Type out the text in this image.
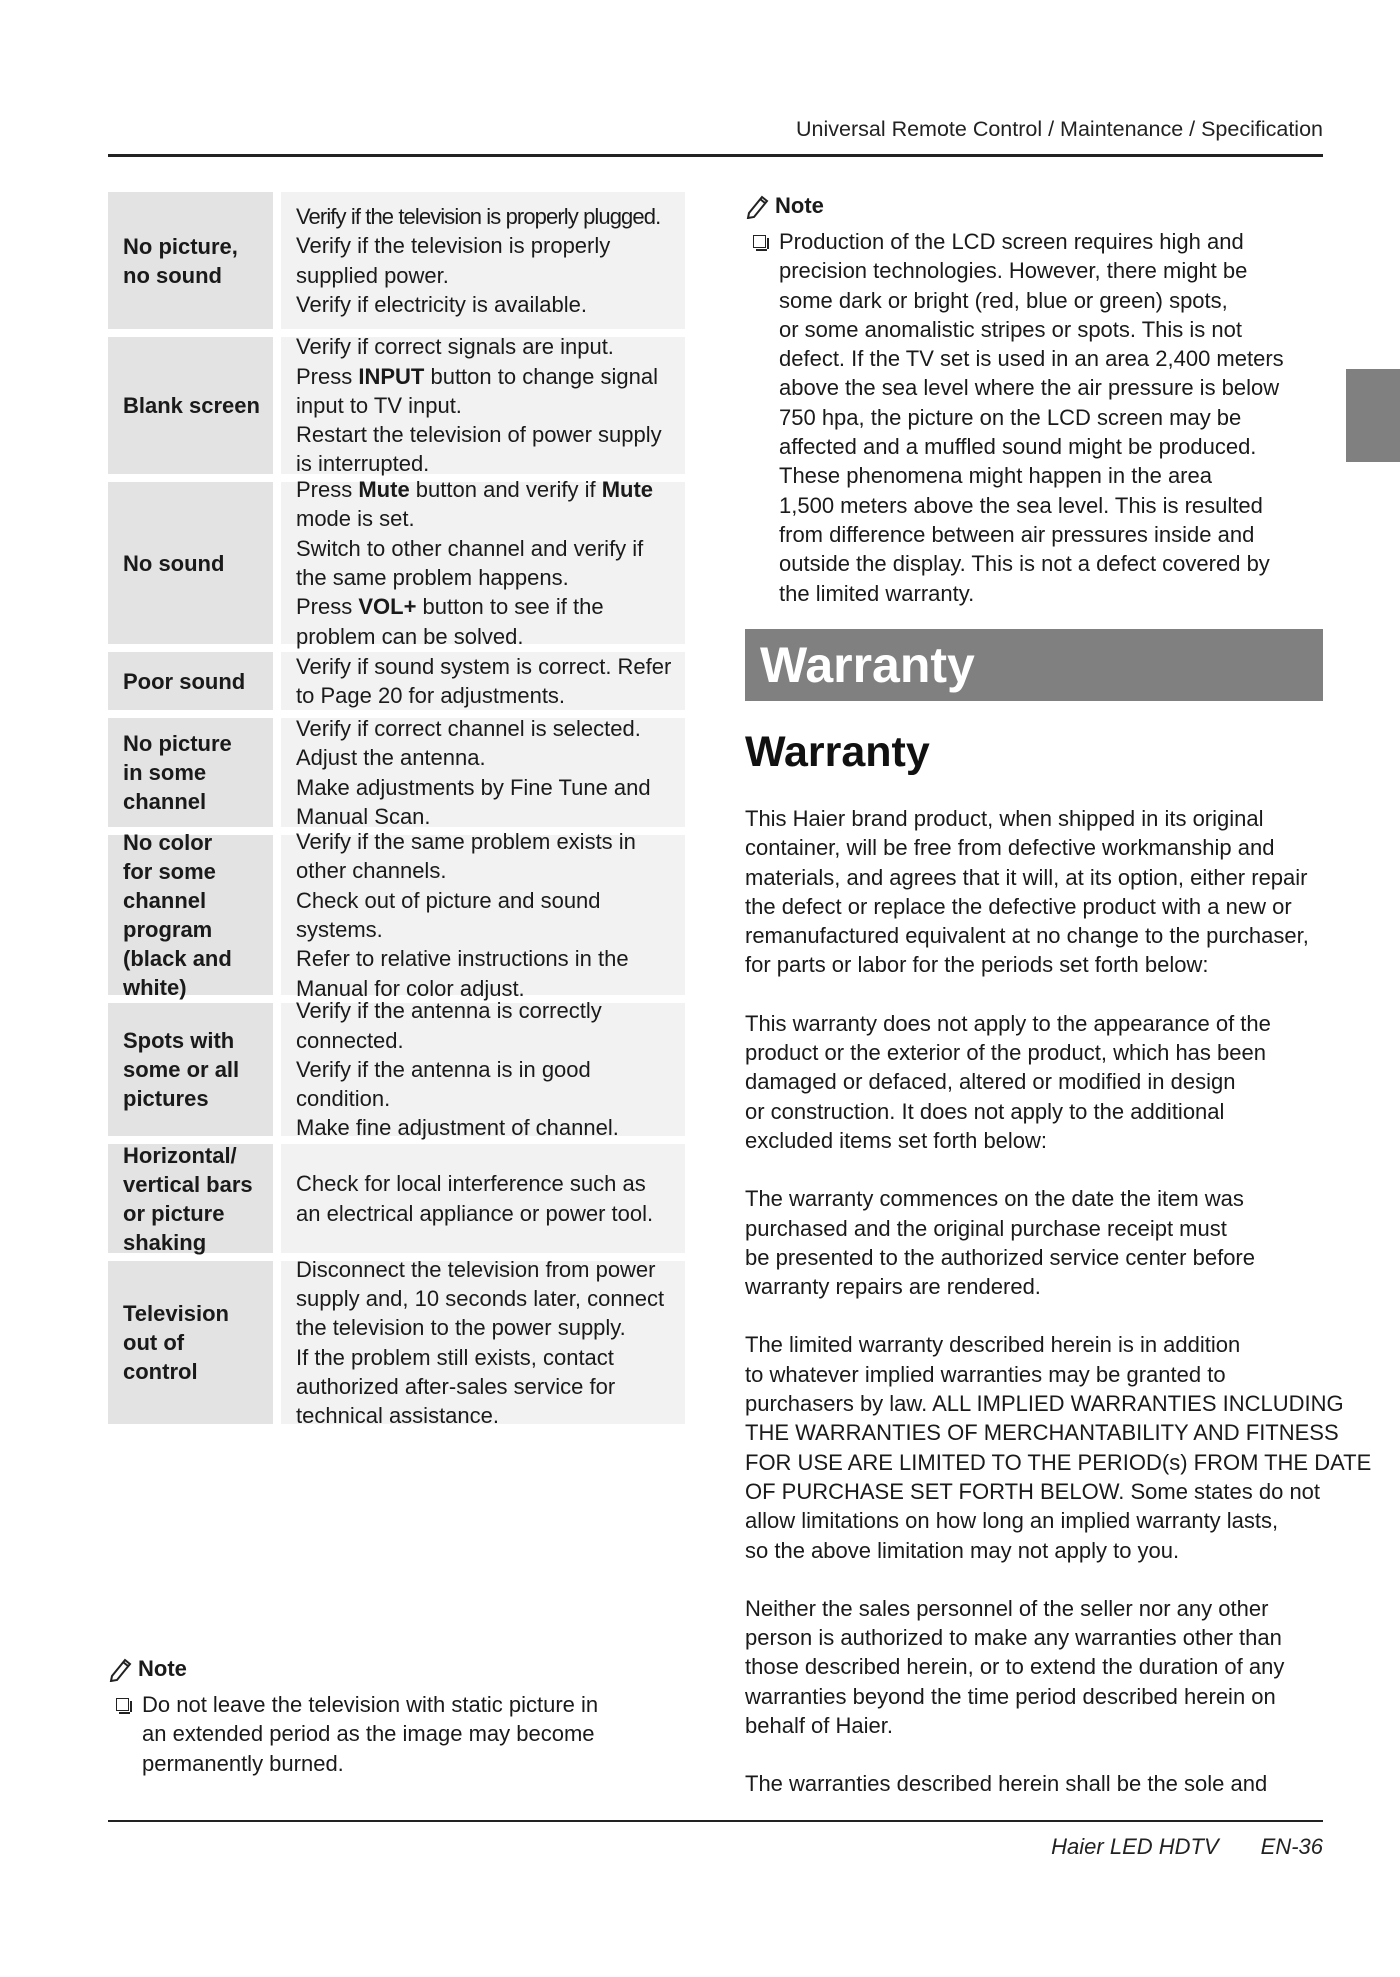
Universal Remote Control / Maintenance / Specification
No picture,
no sound
Verify if the television is properly plugged.
Verify if the television is properly
supplied power.
Verify if electricity is available.
Blank screen
Verify if correct signals are input.
Press INPUT button to change signal
input to TV input.
Restart the television of power supply
is interrupted.
No sound
Press Mute button and verify if Mute
mode is set.
Switch to other channel and verify if
the same problem happens.
Press VOL+ button to see if the
problem can be solved.
Poor sound
Verify if sound system is correct. Refer
to Page 20 for adjustments.
No picture
in some
channel
Verify if correct channel is selected.
Adjust the antenna.
Make adjustments by Fine Tune and
Manual Scan.
No color
for some
channel
program
(black and
white)
Verify if the same problem exists in
other channels.
Check out of picture and sound
systems.
Refer to relative instructions in the
Manual for color adjust.
Spots with
some or all
pictures
Verify if the antenna is correctly
connected.
Verify if the antenna is in good
condition.
Make fine adjustment of channel.
Horizontal/
vertical bars
or picture
shaking
Check for local interference such as
an electrical appliance or power tool.
Television
out of
control
Disconnect the television from power
supply and, 10 seconds later, connect
the television to the power supply.
If the problem still exists, contact
authorized after-sales service for
technical assistance.
Note
Do not leave the television with static picture in
an extended period as the image may become
permanently burned.
Note
Production of the LCD screen requires high and
precision technologies. However, there might be
some dark or bright (red, blue or green) spots,
or some anomalistic stripes or spots. This is not
defect. If the TV set is used in an area 2,400 meters
above the sea level where the air pressure is below
750 hpa, the picture on the LCD screen may be
affected and a muffled sound might be produced.
These phenomena might happen in the area
1,500 meters above the sea level. This is resulted
from difference between air pressures inside and
outside the display. This is not a defect covered by
the limited warranty.
Warranty
Warranty
This Haier brand product, when shipped in its original
container, will be free from defective workmanship and
materials, and agrees that it will, at its option, either repair
the defect or replace the defective product with a new or
remanufactured equivalent at no change to the purchaser,
for parts or labor for the periods set forth below:
This warranty does not apply to the appearance of the
product or the exterior of the product, which has been
damaged or defaced, altered or modified in design
or construction. It does not apply to the additional
excluded items set forth below:
The warranty commences on the date the item was
purchased and the original purchase receipt must
be presented to the authorized service center before
warranty repairs are rendered.
The limited warranty described herein is in addition
to whatever implied warranties may be granted to
purchasers by law. ALL IMPLIED WARRANTIES INCLUDING
THE WARRANTIES OF MERCHANTABILITY AND FITNESS
FOR USE ARE LIMITED TO THE PERIOD(s) FROM THE DATE
OF PURCHASE SET FORTH BELOW. Some states do not
allow limitations on how long an implied warranty lasts,
so the above limitation may not apply to you.
Neither the sales personnel of the seller nor any other
person is authorized to make any warranties other than
those described herein, or to extend the duration of any
warranties beyond the time period described herein on
behalf of Haier.
The warranties described herein shall be the sole and
Haier LED HDTV EN-36
